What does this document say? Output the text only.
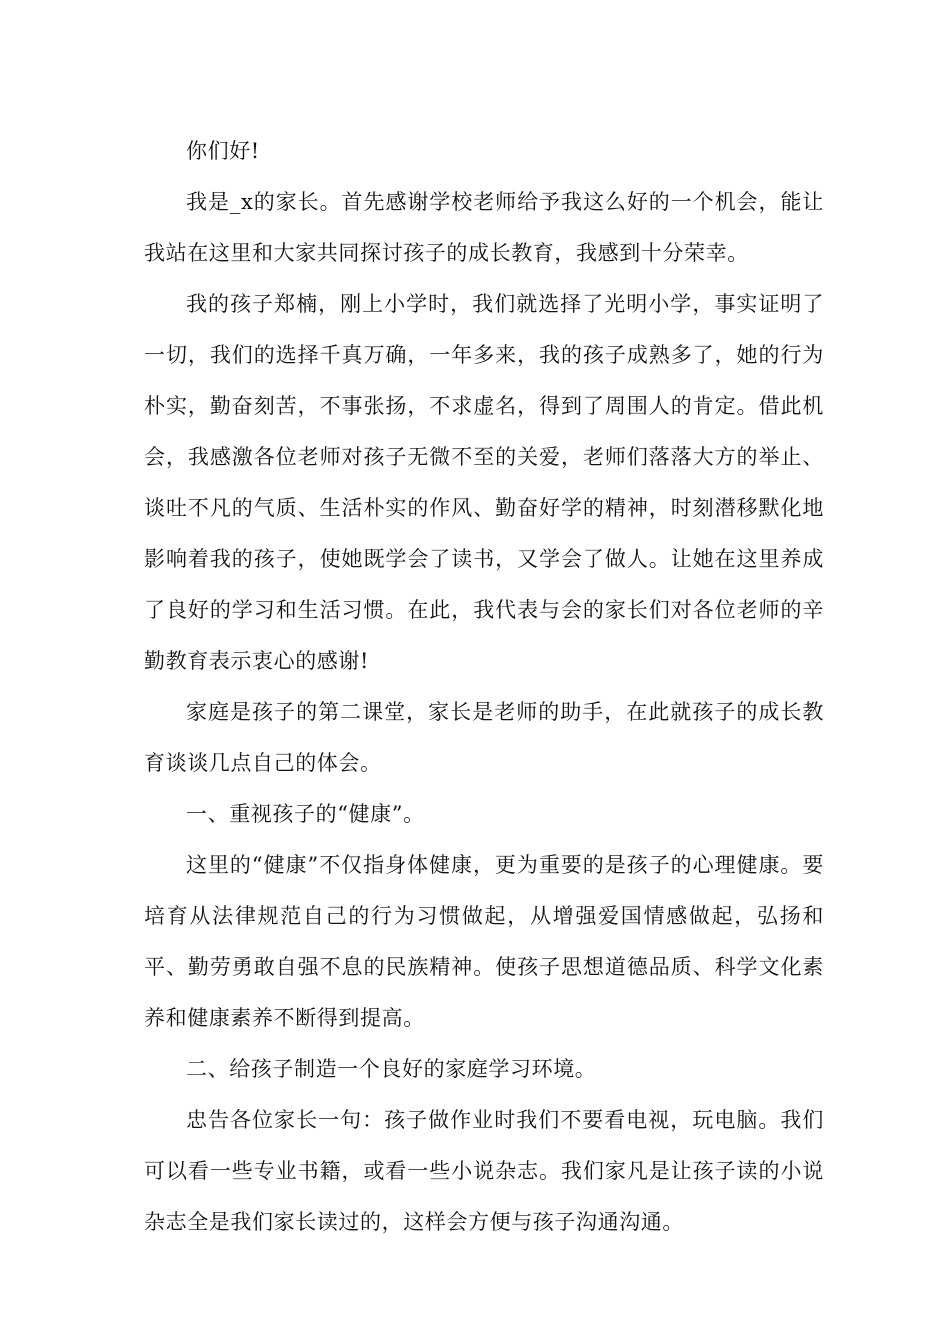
你们好!

我是_x的家长。首先感谢学校老师给予我这么好的一个机会，能让我站在这里和大家共同探讨孩子的成长教育，我感到十分荣幸。

我的孩子郑楠，刚上小学时，我们就选择了光明小学，事实证明了一切，我们的选择千真万确，一年多来，我的孩子成熟多了，她的行为朴实，勤奋刻苦，不事张扬，不求虚名，得到了周围人的肯定。借此机会，我感激各位老师对孩子无微不至的关爱，老师们落落大方的举止、谈吐不凡的气质、生活朴实的作风、勤奋好学的精神，时刻潜移默化地影响着我的孩子，使她既学会了读书，又学会了做人。让她在这里养成了良好的学习和生活习惯。在此，我代表与会的家长们对各位老师的辛勤教育表示衷心的感谢!

家庭是孩子的第二课堂，家长是老师的助手，在此就孩子的成长教育谈谈几点自己的体会。

一、重视孩子的“健康”。

这里的“健康”不仅指身体健康，更为重要的是孩子的心理健康。要培育从法律规范自己的行为习惯做起，从增强爱国情感做起，弘扬和平、勤劳勇敢自强不息的民族精神。使孩子思想道德品质、科学文化素养和健康素养不断得到提高。

二、给孩子制造一个良好的家庭学习环境。

忠告各位家长一句：孩子做作业时我们不要看电视，玩电脑。我们可以看一些专业书籍，或看一些小说杂志。我们家凡是让孩子读的小说杂志全是我们家长读过的，这样会方便与孩子沟通沟通。
